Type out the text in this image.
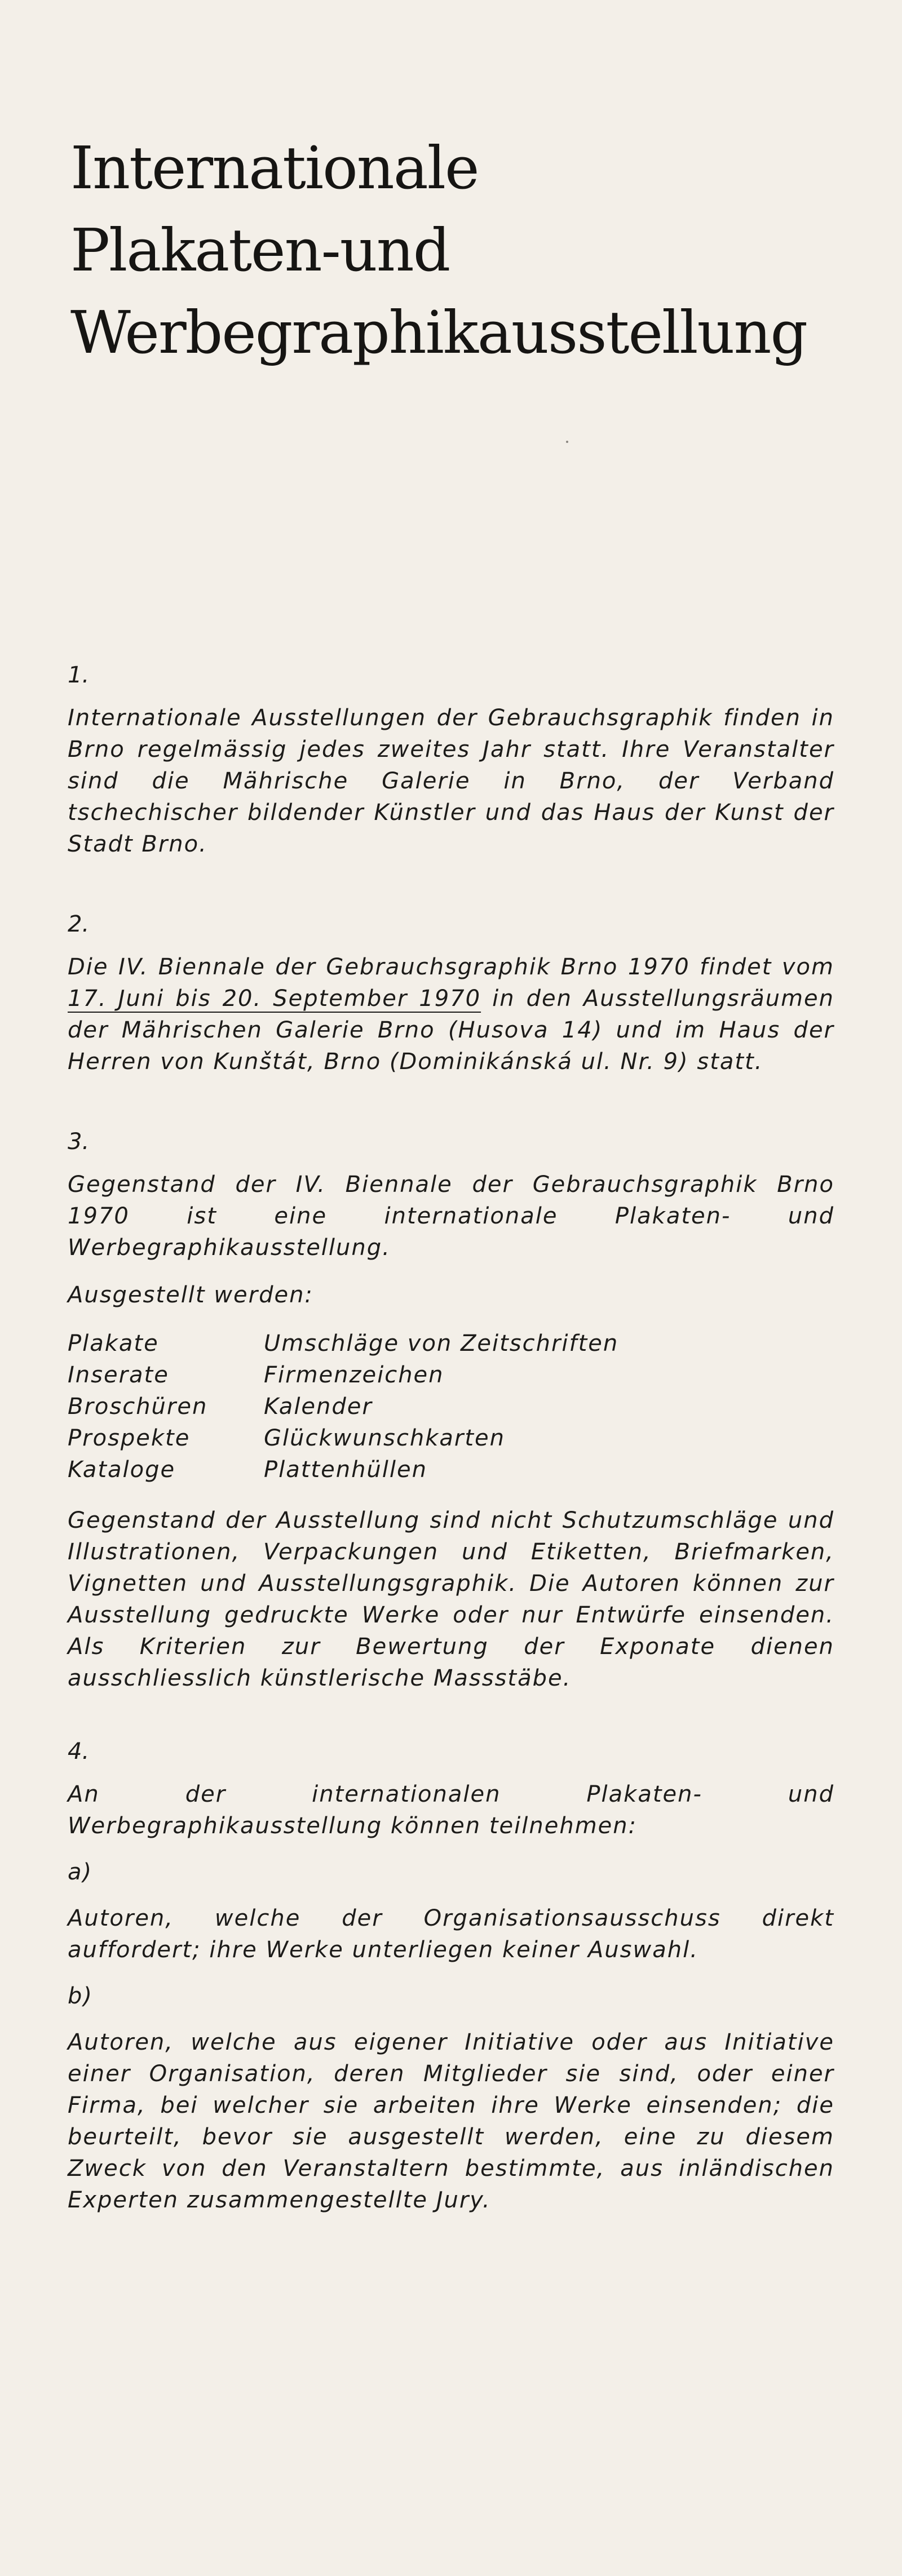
Internationale
Plakaten-und
Werbegraphikausstellung

1.

Internationale Ausstellungen der Gebrauchsgraphik finden in Brno regelmässig jedes zweites Jahr statt. Ihre Veranstalter sind die Mährische Galerie in Brno, der Verband tschechischer bildender Künstler und das Haus der Kunst der Stadt Brno.

2.

Die IV. Biennale der Gebrauchsgraphik Brno 1970 findet vom 17. Juni bis 20. September 1970 in den Ausstellungsräumen der Mährischen Galerie Brno (Husova 14) und im Haus der Herren von Kunštát, Brno (Dominikánská ul. Nr. 9) statt.

3.

Gegenstand der IV. Biennale der Gebrauchsgraphik Brno 1970 ist eine internationale Plakaten- und Werbegraphikausstellung.

Ausgestellt werden:

Plakate	Umschläge von Zeitschriften
Inserate	Firmenzeichen
Broschüren	Kalender
Prospekte	Glückwunschkarten
Kataloge	Plattenhüllen

Gegenstand der Ausstellung sind nicht Schutzumschläge und Illustrationen, Verpackungen und Etiketten, Briefmarken, Vignetten und Ausstellungsgraphik. Die Autoren können zur Ausstellung gedruckte Werke oder nur Entwürfe einsenden. Als Kriterien zur Bewertung der Exponate dienen ausschliesslich künstlerische Massstäbe.

4.

An der internationalen Plakaten- und Werbegraphikausstellung können teilnehmen:

a)

Autoren, welche der Organisationsausschuss direkt auffordert; ihre Werke unterliegen keiner Auswahl.

b)

Autoren, welche aus eigener Initiative oder aus Initiative einer Organisation, deren Mitglieder sie sind, oder einer Firma, bei welcher sie arbeiten ihre Werke einsenden; die beurteilt, bevor sie ausgestellt werden, eine zu diesem Zweck von den Veranstaltern bestimmte, aus inländischen Experten zusammengestellte Jury.
